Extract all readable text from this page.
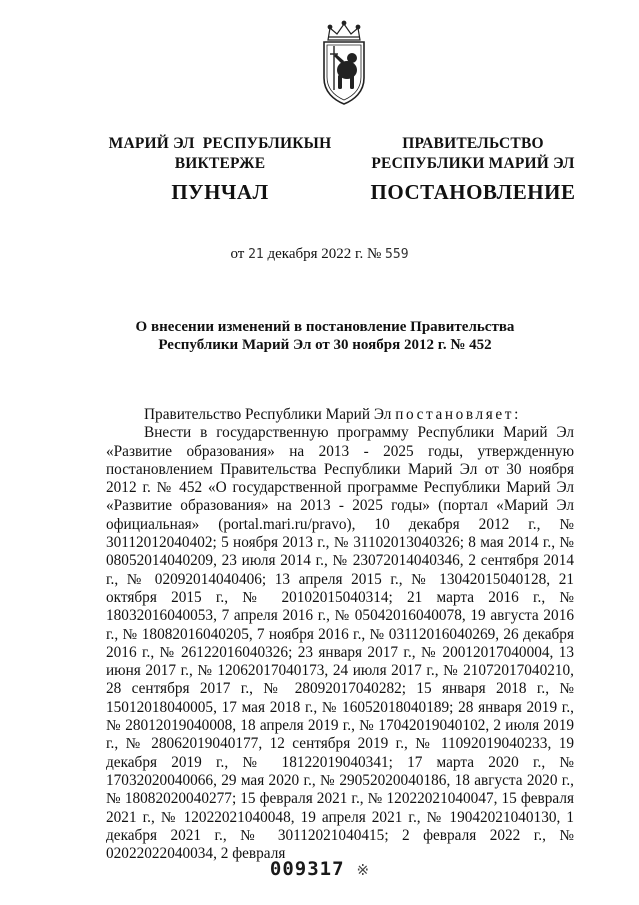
МАРИЙ ЭЛ  РЕСПУБЛИКЫН
ВИКТЕРЖЕ
ПУНЧАЛ
ПРАВИТЕЛЬСТВО
РЕСПУБЛИКИ МАРИЙ ЭЛ
ПОСТАНОВЛЕНИЕ
от 21 декабря 2022 г. № 559
О внесении изменений в постановление Правительства
Республики Марий Эл от 30 ноября 2012 г. № 452

Правительство Республики Марий Эл постановляет:

Внести в государственную программу Республики Марий Эл «Развитие образования» на 2013 - 2025 годы, утвержденную постановлением Правительства Республики Марий Эл от 30 ноября 2012 г. № 452 «О государственной программе Республики Марий Эл «Развитие образования» на 2013 - 2025 годы» (портал «Марий Эл официальная» (portal.mari.ru/pravo), 10 декабря 2012 г., № 30112012040402; 5 ноября 2013 г., № 31102013040326; 8 мая 2014 г., № 08052014040209, 23 июля 2014 г., № 23072014040346, 2 сентября 2014 г., № 02092014040406; 13 апреля 2015 г., № 13042015040128, 21 октября 2015 г., № 20102015040314; 21 марта 2016 г., № 18032016040053, 7 апреля 2016 г., № 05042016040078, 19 августа 2016 г., № 18082016040205, 7 ноября 2016 г., № 03112016040269, 26 декабря 2016 г., № 26122016040326; 23 января 2017 г., № 20012017040004, 13 июня 2017 г., № 12062017040173, 24 июля 2017 г., № 21072017040210, 28 сентября 2017 г., № 28092017040282; 15 января 2018 г., № 15012018040005, 17 мая 2018 г., № 16052018040189; 28 января 2019 г., № 28012019040008, 18 апреля 2019 г., № 17042019040102, 2 июля 2019 г., № 28062019040177, 12 сентября 2019 г., № 11092019040233, 19 декабря 2019 г., № 18122019040341; 17 марта 2020 г., № 17032020040066, 29 мая 2020 г., № 29052020040186, 18 августа 2020 г., № 18082020040277; 15 февраля 2021 г., № 12022021040047, 15 февраля 2021 г., № 12022021040048, 19 апреля 2021 г., № 19042021040130, 1 декабря 2021 г., № 30112021040415; 2 февраля 2022 г., № 02022022040034, 2 февраля

009317 ※
